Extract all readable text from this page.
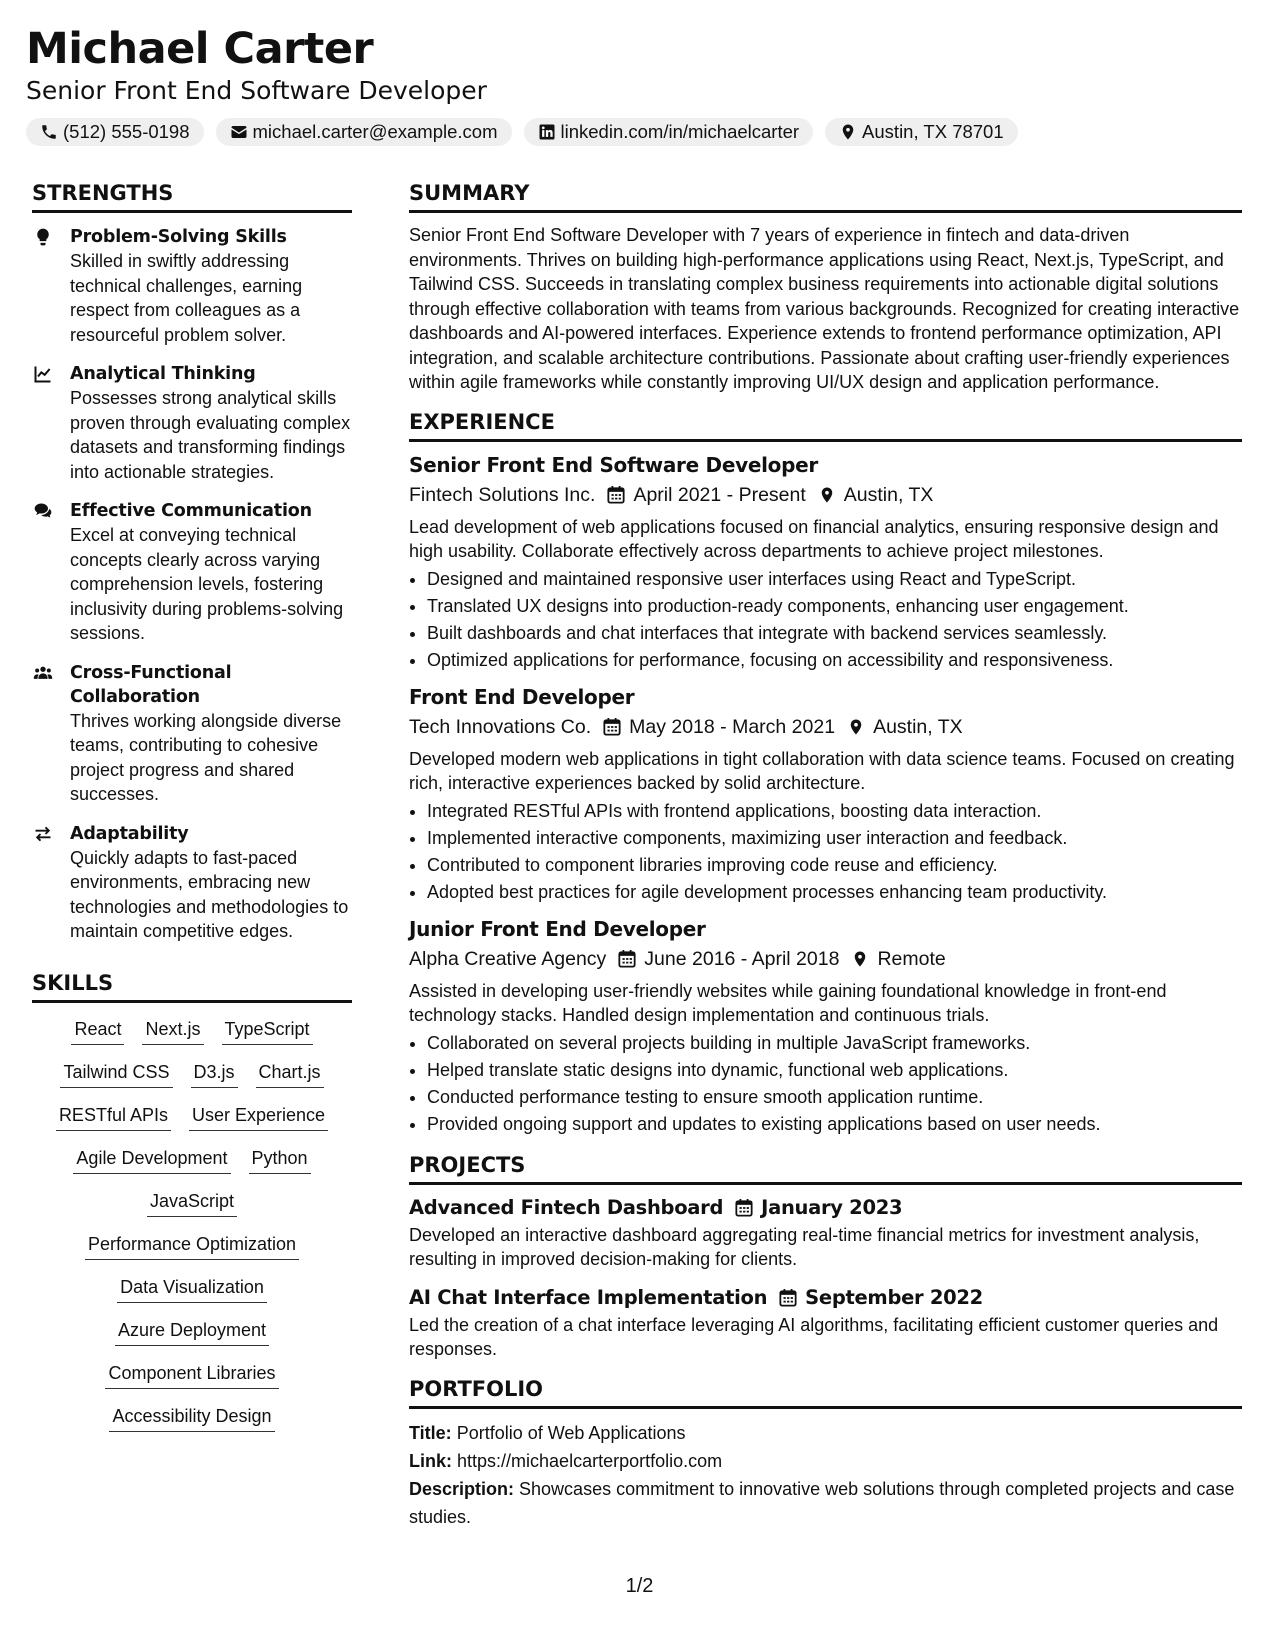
Michael Carter
Senior Front End Software Developer
(512) 555-0198	michael.carter@example.com	linkedin.com/in/michaelcarter	Austin, TX 78701
STRENGTHS
Problem-Solving Skills
Skilled in swiftly addressing technical challenges, earning respect from colleagues as a resourceful problem solver.
Analytical Thinking
Possesses strong analytical skills proven through evaluating complex datasets and transforming findings into actionable strategies.
Effective Communication
Excel at conveying technical concepts clearly across varying comprehension levels, fostering inclusivity during problems-solving sessions.
Cross-Functional Collaboration
Thrives working alongside diverse teams, contributing to cohesive project progress and shared successes.
Adaptability
Quickly adapts to fast-paced environments, embracing new technologies and methodologies to maintain competitive edges.
SKILLS
React Next.js TypeScript
Tailwind CSS D3.js Chart.js
RESTful APIs User Experience
Agile Development Python
JavaScript
Performance Optimization
Data Visualization
Azure Deployment
Component Libraries
Accessibility Design
SUMMARY

Senior Front End Software Developer with 7 years of experience in fintech and data-driven environments. Thrives on building high-performance applications using React, Next.js, TypeScript, and Tailwind CSS. Succeeds in translating complex business requirements into actionable digital solutions through effective collaboration with teams from various backgrounds. Recognized for creating interactive dashboards and AI-powered interfaces. Experience extends to frontend performance optimization, API integration, and scalable architecture contributions. Passionate about crafting user-friendly experiences within agile frameworks while constantly improving UI/UX design and application performance.

EXPERIENCE
Senior Front End Software Developer
Fintech Solutions Inc. April 2021 - Present Austin, TX
Lead development of web applications focused on financial analytics, ensuring responsive design and high usability. Collaborate effectively across departments to achieve project milestones.
• Designed and maintained responsive user interfaces using React and TypeScript.
• Translated UX designs into production-ready components, enhancing user engagement.
• Built dashboards and chat interfaces that integrate with backend services seamlessly.
• Optimized applications for performance, focusing on accessibility and responsiveness.
Front End Developer
Tech Innovations Co. May 2018 - March 2021 Austin, TX
Developed modern web applications in tight collaboration with data science teams. Focused on creating rich, interactive experiences backed by solid architecture.
• Integrated RESTful APIs with frontend applications, boosting data interaction.
• Implemented interactive components, maximizing user interaction and feedback.
• Contributed to component libraries improving code reuse and efficiency.
• Adopted best practices for agile development processes enhancing team productivity.
Junior Front End Developer
Alpha Creative Agency June 2016 - April 2018 Remote
Assisted in developing user-friendly websites while gaining foundational knowledge in front-end technology stacks. Handled design implementation and continuous trials.
• Collaborated on several projects building in multiple JavaScript frameworks.
• Helped translate static designs into dynamic, functional web applications.
• Conducted performance testing to ensure smooth application runtime.
• Provided ongoing support and updates to existing applications based on user needs.
PROJECTS
Advanced Fintech Dashboard January 2023
Developed an interactive dashboard aggregating real-time financial metrics for investment analysis, resulting in improved decision-making for clients.
AI Chat Interface Implementation September 2022
Led the creation of a chat interface leveraging AI algorithms, facilitating efficient customer queries and responses.
PORTFOLIO
Title: Portfolio of Web Applications
Link: https://michaelcarterportfolio.com
Description: Showcases commitment to innovative web solutions through completed projects and case studies.
1/2
